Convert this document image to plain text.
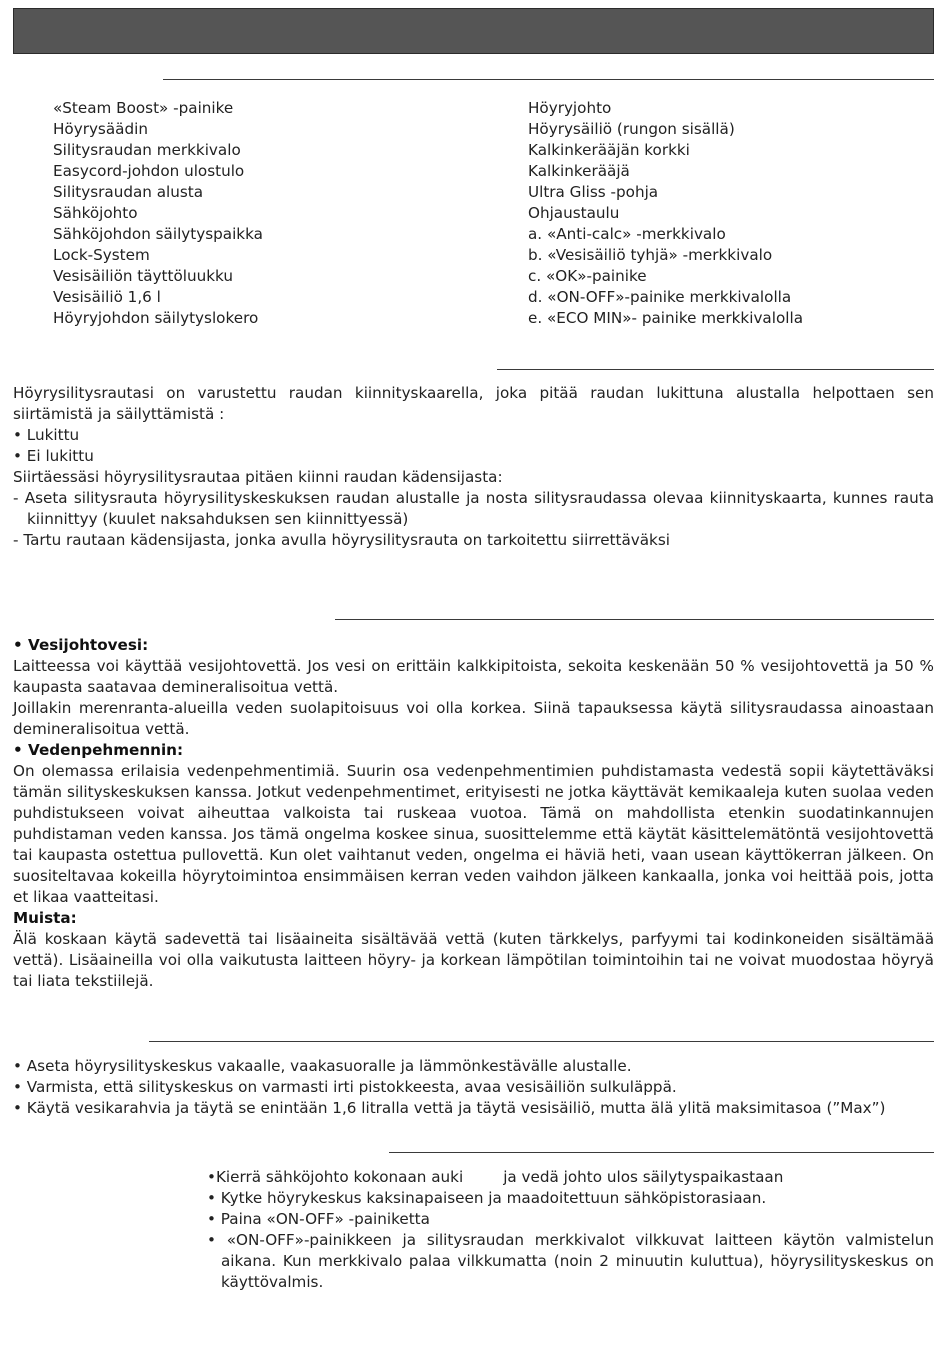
«Steam Boost» -painike
Höyrysäädin
Silitysraudan merkkivalo
Easycord-johdon ulostulo
Silitysraudan alusta
Sähköjohto
Sähköjohdon säilytyspaikka
Lock-System
Vesisäiliön täyttöluukku
Vesisäiliö 1,6 l
Höyryjohdon säilytyslokero
Höyryjohto
Höyrysäiliö (rungon sisällä)
Kalkinkerääjän korkki
Kalkinkerääjä
Ultra Gliss -pohja
Ohjaustaulu
a. «Anti-calc» -merkkivalo
b. «Vesisäiliö tyhjä» -merkkivalo
c. «OK»-painike
d. «ON-OFF»-painike merkkivalolla
e. «ECO MIN»- painike merkkivalolla

Höyrysilitysrautasi on varustettu raudan kiinnityskaarella, joka pitää raudan lukittuna alustalla helpottaen sen siirtämistä ja säilyttämistä :

• Lukittu

• Ei lukittu

Siirtäessäsi höyrysilitysrautaa pitäen kiinni raudan kädensijasta:

- Aseta silitysrauta höyrysilityskeskuksen raudan alustalle ja nosta silitysraudassa olevaa kiinnityskaarta, kunnes rauta kiinnittyy (kuulet naksahduksen sen kiinnittyessä)

- Tartu rautaan kädensijasta, jonka avulla höyrysilitysrauta on tarkoitettu siirrettäväksi

• Vesijohtovesi:

Laitteessa voi käyttää vesijohtovettä. Jos vesi on erittäin kalkkipitoista, sekoita keskenään 50 % vesijohtovettä ja 50 % kaupasta saatavaa demineralisoitua vettä.

Joillakin merenranta-alueilla veden suolapitoisuus voi olla korkea. Siinä tapauksessa käytä silitysraudassa ainoastaan demineralisoitua vettä.

• Vedenpehmennin:

On olemassa erilaisia vedenpehmentimiä. Suurin osa vedenpehmentimien puhdistamasta vedestä sopii käytettäväksi tämän silityskeskuksen kanssa. Jotkut vedenpehmentimet, erityisesti ne jotka käyttävät kemikaaleja kuten suolaa veden puhdistukseen voivat aiheuttaa valkoista tai ruskeaa vuotoa. Tämä on mahdollista etenkin suodatinkannujen puhdistaman veden kanssa. Jos tämä ongelma koskee sinua, suosittelemme että käytät käsittelemätöntä vesijohtovettä tai kaupasta ostettua pullovettä. Kun olet vaihtanut veden, ongelma ei häviä heti, vaan usean käyttökerran jälkeen. On suositeltavaa kokeilla höyrytoimintoa ensimmäisen kerran veden vaihdon jälkeen kankaalla, jonka voi heittää pois, jotta et likaa vaatteitasi.

Muista:

Älä koskaan käytä sadevettä tai lisäaineita sisältävää vettä (kuten tärkkelys, parfyymi tai kodinkoneiden sisältämää vettä). Lisäaineilla voi olla vaikutusta laitteen höyry- ja korkean lämpötilan toimintoihin tai ne voivat muodostaa höyryä tai liata tekstiilejä.

• Aseta höyrysilityskeskus vakaalle, vaakasuoralle ja lämmönkestävälle alustalle.

• Varmista, että silityskeskus on varmasti irti pistokkeesta, avaa vesisäiliön sulkuläppä.

• Käytä vesikarahvia ja täytä se enintään 1,6 litralla vettä ja täytä vesisäiliö, mutta älä ylitä maksimitasoa (”Max”)

•Kierrä sähköjohto kokonaan auki	ja vedä johto ulos säilytyspaikastaan

• Kytke höyrykeskus kaksinapaiseen ja maadoitettuun sähköpistorasiaan.

• Paina «ON-OFF» -painiketta

• «ON-OFF»-painikkeen ja silitysraudan merkkivalot vilkkuvat laitteen käytön valmistelun aikana. Kun merkkivalo palaa vilkkumatta (noin 2 minuutin kuluttua), höyrysilityskeskus on käyttövalmis.
